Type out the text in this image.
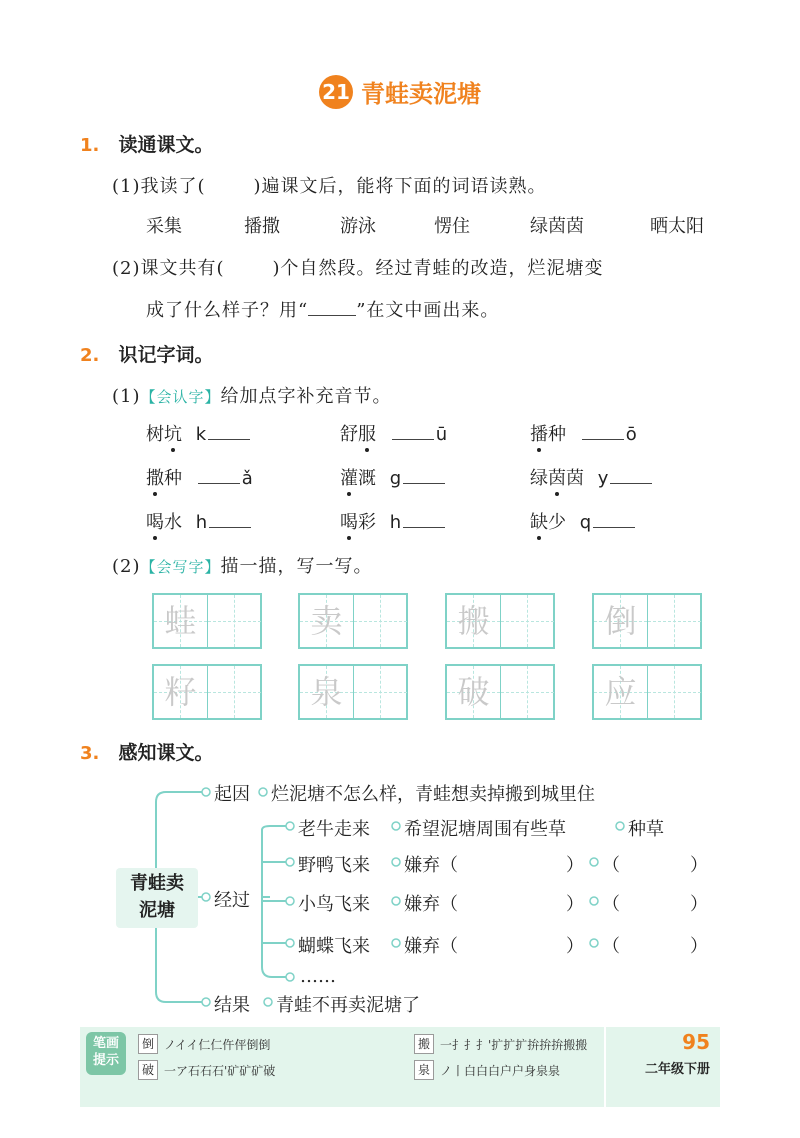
21 青蛙卖泥塘
1. 读通课文。
(1)我读了(	)遍课文后，能将下面的词语读熟。
采集	播撒	游泳	愣住	绿茵茵	晒太阳
(2)课文共有(	)个自然段。经过青蛙的改造，烂泥塘变
成了什么样子？用“	”在文中画出来。
2. 识记字词。
(1)【会认字】给加点字补充音节。
树坑 k	舒服	ū	播种	ō
撒种	ǎ	灌溉 g	绿茵茵 y
喝水 h	喝彩 h	缺少 q
(2)【会写字】描一描，写一写。
蛙	卖	搬	倒
籽	泉	破	应
3. 感知课文。
青蛙卖
泥塘
起因 烂泥塘不怎么样，青蛙想卖掉搬到城里住
经过
老牛走来 希望泥塘周围有些草	种草
野鸭飞来 嫌弃（	） （	）
小鸟飞来 嫌弃（	） （	）
蝴蝶飞来 嫌弃（	） （	）
……
结果 青蛙不再卖泥塘了
笔画
提示
倒 ノイイ仁仁仵伻倒倒
破 一ア石石石'矿矿矿破
搬 一扌扌扌'扩扩扩拚拚拚搬搬
泉 ノ丨白白白户户身泉泉
95
二年级下册
